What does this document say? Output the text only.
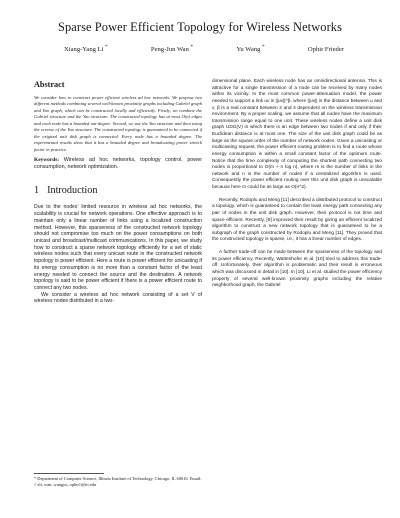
Sparse Power Efficient Topology for Wireless Networks
Xiang-Yang Li *	Peng-Jun Wan *	Yu Wang *	Ophir Frieder
Abstract

We consider how to construct power efficient wireless ad hoc networks. We propose two different methods combining several well-known proximity graphs including Gabriel graph and Yao graph, which can be constructed locally and efficiently. Firstly, we combine the Gabriel structure and the Yao structure. The constructed topology has at most O(n) edges and each node has a bounded out-degree. Second, we use the Yao structure and then using the reverse of the Yao structure. The constructed topology is guaranteed to be connected if the original unit disk graph is connected. Every node has a bounded degree. The experimental results show that it has a bounded degree and broadcasting power stretch factor in practice.

Keywords: Wireless ad hoc networks, topology control, power consumption, network optimization.

1 Introduction

Due to the nodes' limited resource in wireless ad hoc networks, the scalability is crucial for network operations. One effective approach is to maintain only a linear number of links using a localized construction method. However, this sparseness of the constructed network topology should not compromise too much on the power consumptions on both unicast and broadcast/multicast communications. In this paper, we study how to construct a sparse network topology efficiently for a set of static wireless nodes such that every unicast route in the constructed network topology is power efficient. Here a route is power efficient for unicasting if its energy consumption is no more than a constant factor of the least energy needed to connect the source and the destination. A network topology is said to be power efficient if there is a power efficient route to connect any two nodes.

We consider a wireless ad hoc network consisting of a set V of wireless nodes distributed in a two-

* Department of Computer Science, Illinois Institute of Technology, Chicago, IL 60616. Email: { xli, wan, wangyu, ophir}@iit.edu

dimensional plane. Each wireless node has an omnidirectional antenna. This is attractive for a single transmission of a node can be received by many nodes within its vicinity. In the most common power-attenuation model, the power needed to support a link uv is ||uv||^β, where ||uv|| is the distance between u and v, β is a real constant between 2 and 4 dependent on the wireless transmission environment. By a proper scaling, we assume that all nodes have the maximum transmission range equal to one unit. These wireless nodes define a unit disk graph UDG(V) in which there is an edge between two nodes if and only if their Euclidean distance is at most one. The size of the unit disk graph could be as large as the square order of the number of network nodes. Given a unicasting or multicasting request, the power efficient routing problem is to find a route whose energy consumption is within a small constant factor of the optimum route. Notice that the time complexity of computing the shortest path connecting two nodes is proportional to O(m + n log n), where m is the number of links in the network and n is the number of nodes if a centralized algorithm is used. Consequently the power efficient routing over this unit disk graph is unscalable because here m could be as large as O(n^2).

Recently, Rodoplu and Meng [11] described a distributed protocol to construct a topology, which is guaranteed to contain the least energy path connecting any pair of nodes in the unit disk graph. However, their protocol is not time and space efficient. Recently, [9] improved their result by giving an efficient localized algorithm to construct a new network topology that is guaranteed to be a subgraph of the graph constructed by Rodoplu and Meng [11]. They proved that the constructed topology is sparse, i.e., it has a linear number of edges.

A further trade-off can be made between the sparseness of the topology and its power efficiency. Recently, Wattenhofer et al. [10] tried to address this trade-off. Unfortunately, their algorithm is problematic and their result is erroneous which was discussed in detail in [10]. In [10], Li et al. studied the power efficiency property of several well-known proximity graphs including the relative neighborhood graph, the Gabriel
